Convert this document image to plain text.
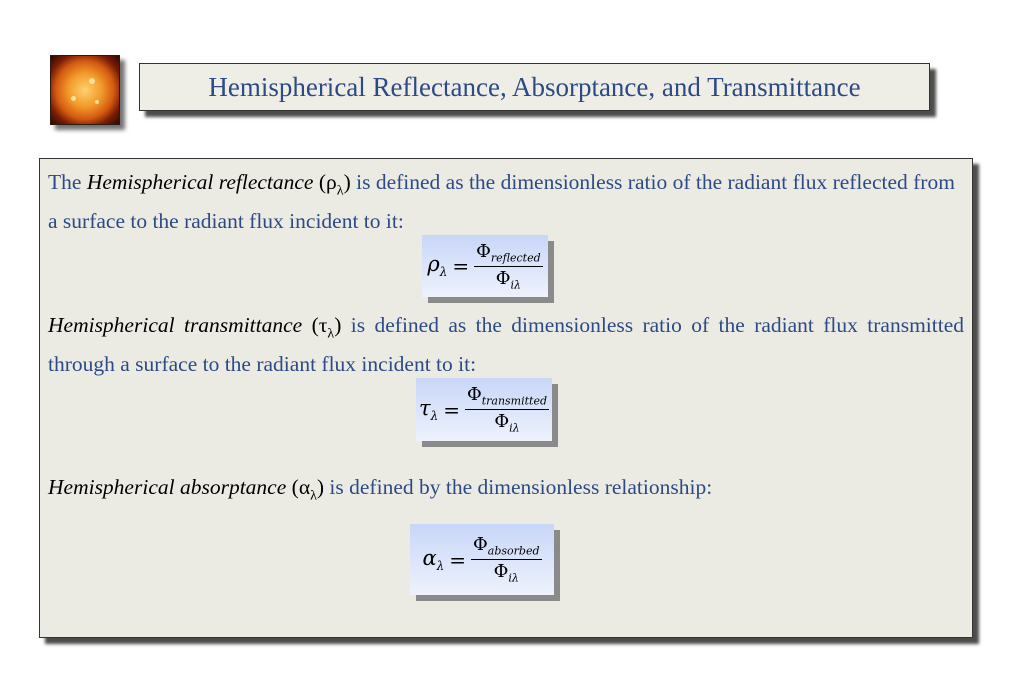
Hemispherical Reflectance, Absorptance, and Transmittance
The Hemispherical reflectance $(\rho_\lambda)$ is defined as the dimensionless ratio of the radiant flux reflected from a surface to the radiant flux incident to it:
$\rho_\lambda = \frac{\Phi_{reflected}}{\Phi_{i\lambda}}$
Hemispherical transmittance $(\tau_\lambda)$ is defined as the dimensionless ratio of the radiant flux transmitted through a surface to the radiant flux incident to it:
$\tau_\lambda = \frac{\Phi_{transmitted}}{\Phi_{i\lambda}}$
Hemispherical absorptance $(\alpha_\lambda)$ is defined by the dimensionless relationship:
$\alpha_\lambda = \frac{\Phi_{absorbed}}{\Phi_{i\lambda}}$
